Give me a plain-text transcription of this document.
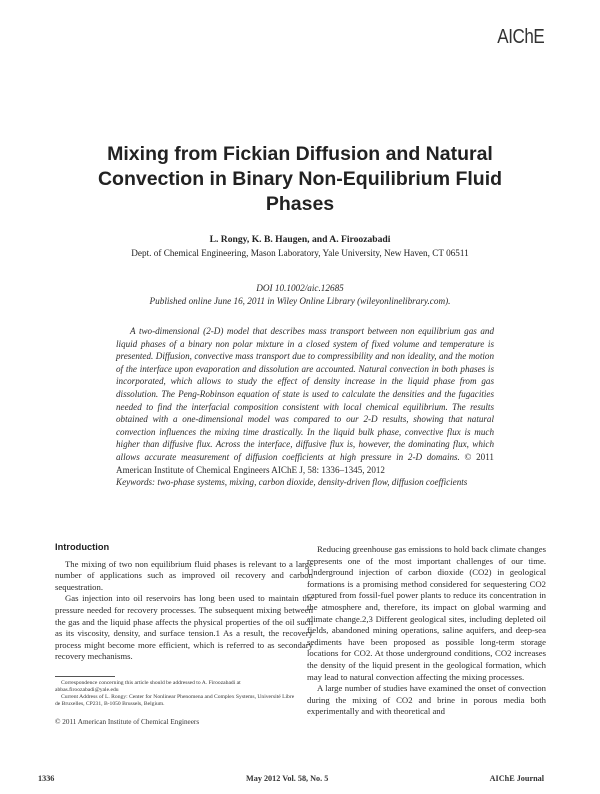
AIChE
Mixing from Fickian Diffusion and Natural
Convection in Binary Non-Equilibrium Fluid
Phases
L. Rongy, K. B. Haugen, and A. Firoozabadi
Dept. of Chemical Engineering, Mason Laboratory, Yale University, New Haven, CT 06511
DOI 10.1002/aic.12685
Published online June 16, 2011 in Wiley Online Library (wileyonlinelibrary.com).
A two-dimensional (2-D) model that describes mass transport between non equilibrium gas and liquid phases of a binary non polar mixture in a closed system of fixed volume and temperature is presented. Diffusion, convective mass transport due to compressibility and non ideality, and the motion of the interface upon evaporation and dissolution are accounted. Natural convection in both phases is incorporated, which allows to study the effect of density increase in the liquid phase from gas dissolution. The Peng-Robinson equation of state is used to calculate the densities and the fugacities needed to find the interfacial composition consistent with local chemical equilibrium. The results obtained with a one-dimensional model was compared to our 2-D results, showing that natural convection influences the mixing time drastically. In the liquid bulk phase, convective flux is much higher than diffusive flux. Across the interface, diffusive flux is, however, the dominating flux, which allows accurate measurement of diffusion coefficients at high pressure in 2-D domains. © 2011 American Institute of Chemical Engineers AIChE J, 58: 1336–1345, 2012
Keywords: two-phase systems, mixing, carbon dioxide, density-driven flow, diffusion coefficients
Introduction

The mixing of two non equilibrium fluid phases is relevant to a large number of applications such as improved oil recovery and carbon sequestration.

Gas injection into oil reservoirs has long been used to maintain the pressure needed for recovery processes. The subsequent mixing between the gas and the liquid phase affects the physical properties of the oil such as its viscosity, density, and surface tension.1 As a result, the recovery process might become more efficient, which is referred to as secondary recovery mechanisms.

Reducing greenhouse gas emissions to hold back climate changes represents one of the most important challenges of our time. Underground injection of carbon dioxide (CO2) in geological formations is a promising method considered for sequestering CO2 captured from fossil-fuel power plants to reduce its concentration in the atmosphere and, therefore, its impact on global warming and climate change.2,3 Different geological sites, including depleted oil fields, abandoned mining operations, saline aquifers, and deep-sea sediments have been proposed as possible long-term storage locations for CO2. At those underground conditions, CO2 increases the density of the liquid present in the geological formation, which may lead to natural convection affecting the mixing processes.

A large number of studies have examined the onset of convection during the mixing of CO2 and brine in porous media both experimentally and with theoretical and

Correspondence concerning this article should be addressed to A. Firoozabadi at abbas.firoozabadi@yale.edu

Current Address of L. Rongy: Center for Nonlinear Phenomena and Complex Systems, Université Libre de Bruxelles, CP231, B-1050 Brussels, Belgium.

© 2011 American Institute of Chemical Engineers
1336	May 2012 Vol. 58, No. 5	AIChE Journal
